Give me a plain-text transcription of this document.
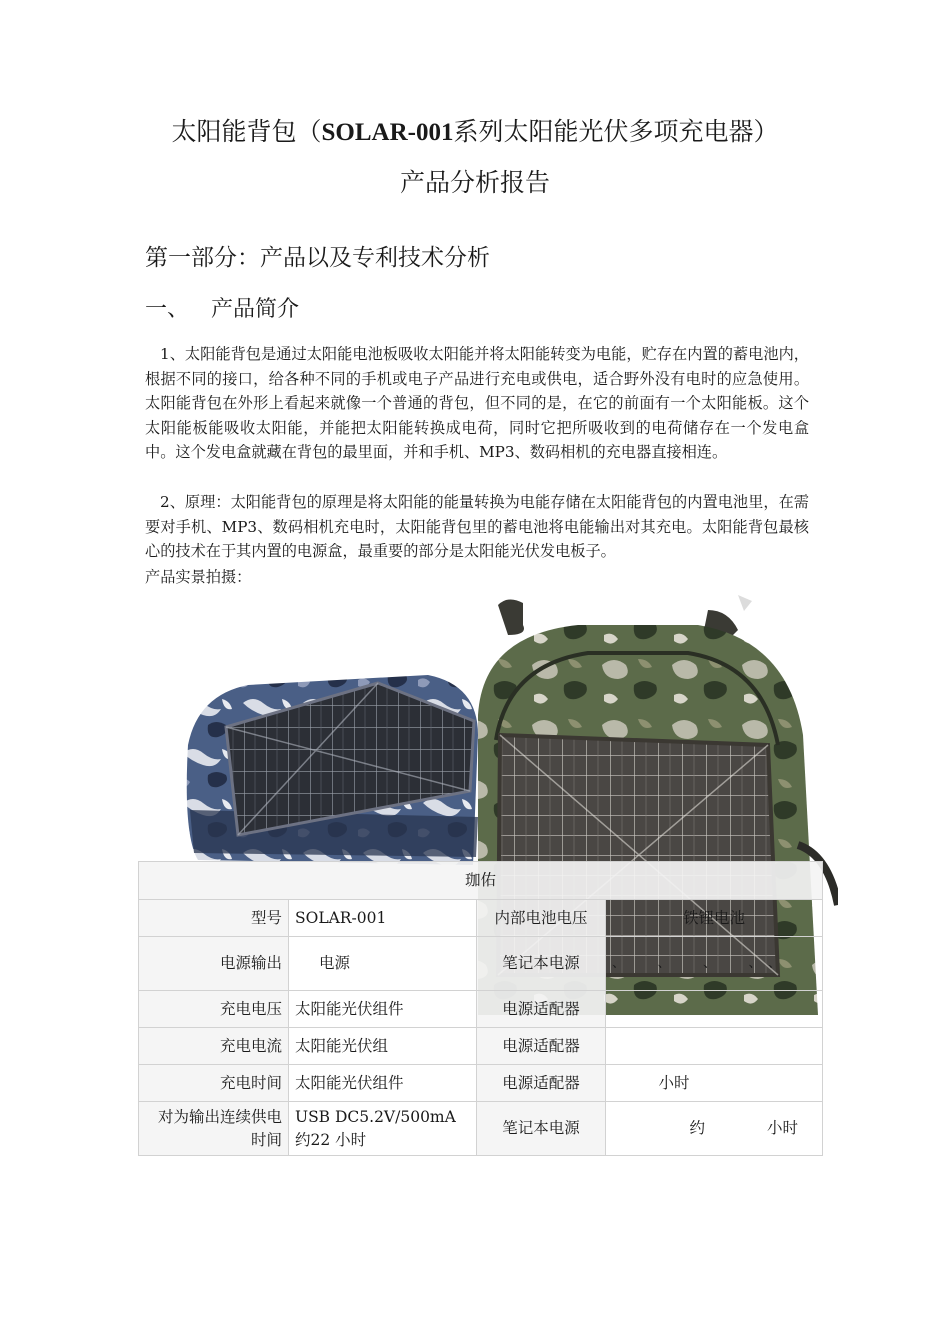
太阳能背包（SOLAR-001系列太阳能光伏多项充电器）
产品分析报告
第一部分：产品以及专利技术分析
一、 产品简介

1、太阳能背包是通过太阳能电池板吸收太阳能并将太阳能转变为电能，贮存在内置的蓄电池内，根据不同的接口，给各种不同的手机或电子产品进行充电或供电，适合野外没有电时的应急使用。太阳能背包在外形上看起来就像一个普通的背包，但不同的是，在它的前面有一个太阳能板。这个太阳能板能吸收太阳能，并能把太阳能转换成电荷，同时它把所吸收到的电荷储存在一个发电盒中。这个发电盒就藏在背包的最里面，并和手机、MP3、数码相机的充电器直接相连。

2、原理：太阳能背包的原理是将太阳能的能量转换为电能存储在太阳能背包的内置电池里，在需要对手机、MP3、数码相机充电时，太阳能背包里的蓄电池将电能输出对其充电。太阳能背包最核心的技术在于其内置的电源盒，最重要的部分是太阳能光伏发电板子。

产品实景拍摄：

珈佑			
型号	SOLAR-001	内部电池电压	铁锂电池
电源输出	电源	笔记本电源	、　　　、　　　、　　　、　、
充电电压	太阳能光伏组件	电源适配器	
充电电流	太阳能光伏组	电源适配器	
充电时间	太阳能光伏组件	电源适配器	　　　小时
对为输出连续供电时间	USB DC5.2V/500mA 约22 小时	笔记本电源	　　　　　约　　　　小时
